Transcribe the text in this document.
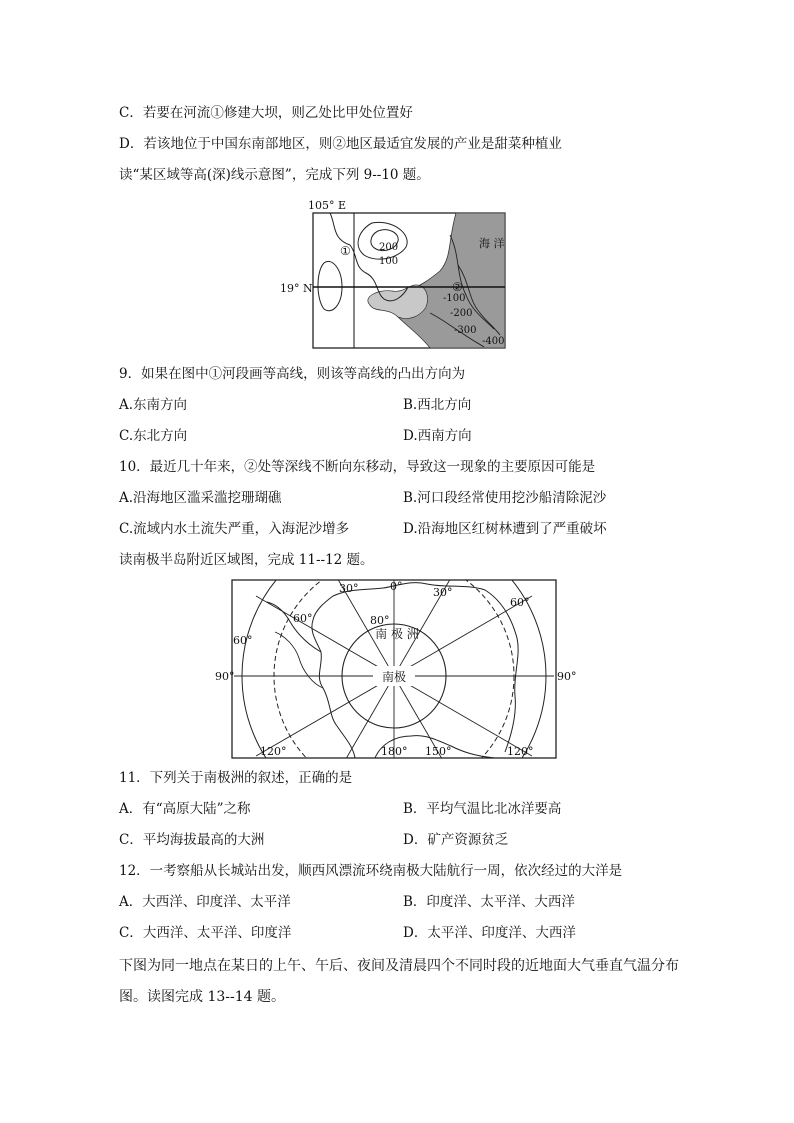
C．若要在河流①修建大坝，则乙处比甲处位置好
D．若该地位于中国东南部地区，则②地区最适宜发展的产业是甜菜种植业
读“某区域等高(深)线示意图”，完成下列 9--10 题。
105° E
19° N
海 洋
①
②
200
100
-100
-200
-300
-400
9．如果在图中①河段画等高线，则该等高线的凸出方向为
A.东南方向	B.西北方向
C.东北方向	D.西南方向
10．最近几十年来，②处等深线不断向东移动，导致这一现象的主要原因可能是
A.沿海地区滥采滥挖珊瑚礁	B.河口段经常使用挖沙船清除泥沙
C.流域内水土流失严重，入海泥沙增多	D.沿海地区红树林遭到了严重破坏
读南极半岛附近区域图，完成 11--12 题。
南极
南 极 洲
30°	0°	30°
60°
60°	80°
60°
90°	90°
120°	180° 150°	120°
11．下列关于南极洲的叙述，正确的是
A．有“高原大陆”之称	B．平均气温比北冰洋要高
C．平均海拔最高的大洲	D．矿产资源贫乏
12．一考察船从长城站出发，顺西风漂流环绕南极大陆航行一周，依次经过的大洋是
A．大西洋、印度洋、太平洋	B．印度洋、太平洋、大西洋
C．大西洋、太平洋、印度洋	D．太平洋、印度洋、大西洋
下图为同一地点在某日的上午、午后、夜间及清晨四个不同时段的近地面大气垂直气温分布
图。读图完成 13--14 题。
